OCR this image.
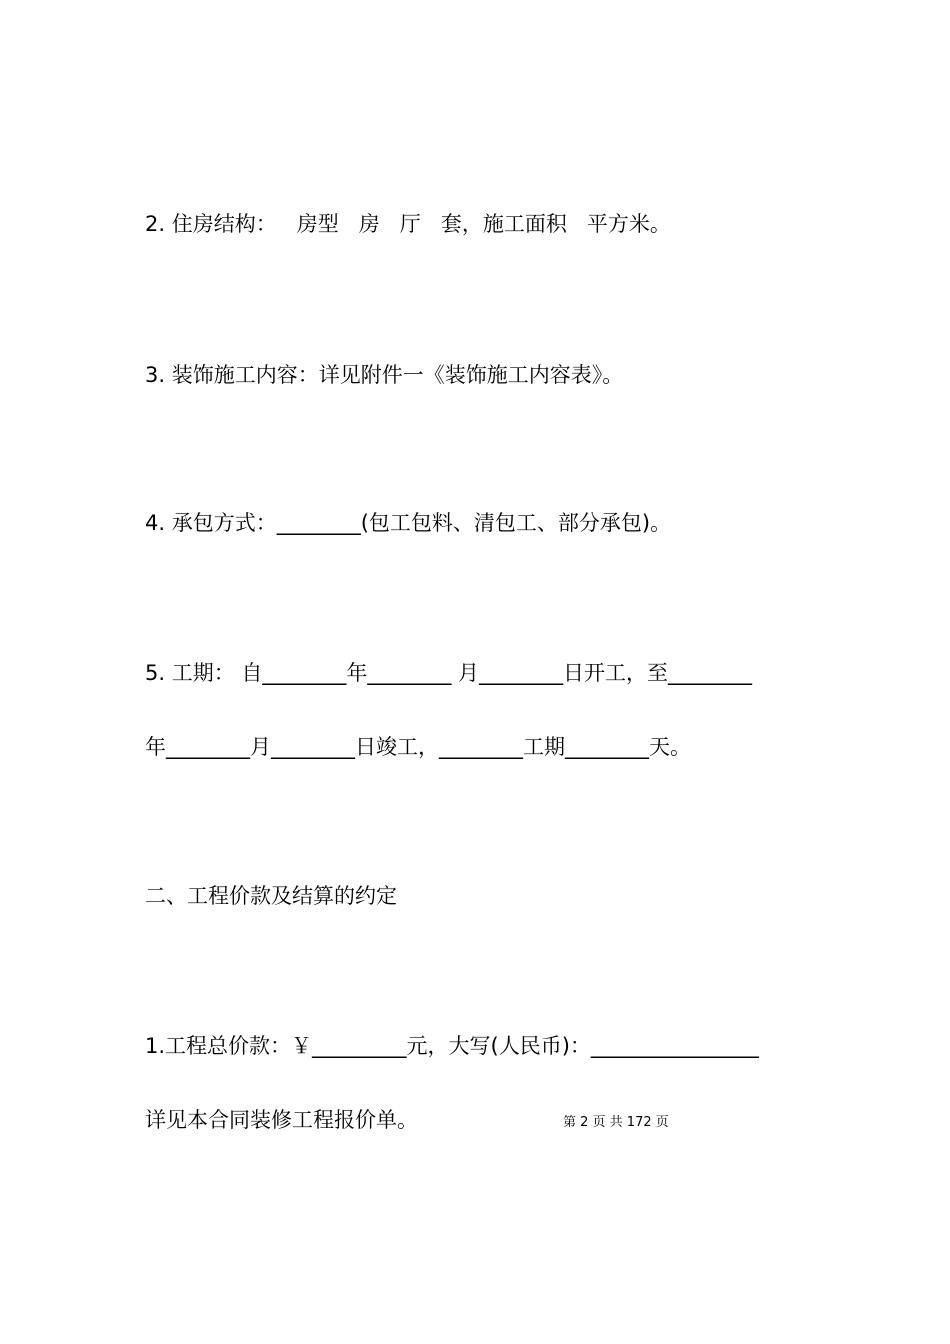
2. 住房结构：   房型   房   厅   套，施工面积   平方米。
3. 装饰施工内容：详见附件一《装饰施工内容表》。
4. 承包方式：________(包工包料、清包工、部分承包)。
5. 工期： 自________年________ 月________日开工，至________
年________月________日竣工，________工期________天。
二、工程价款及结算的约定
1.工程总价款：￥_________元，大写(人民币)：________________
详见本合同装修工程报价单。	第 2 页 共 172 页
